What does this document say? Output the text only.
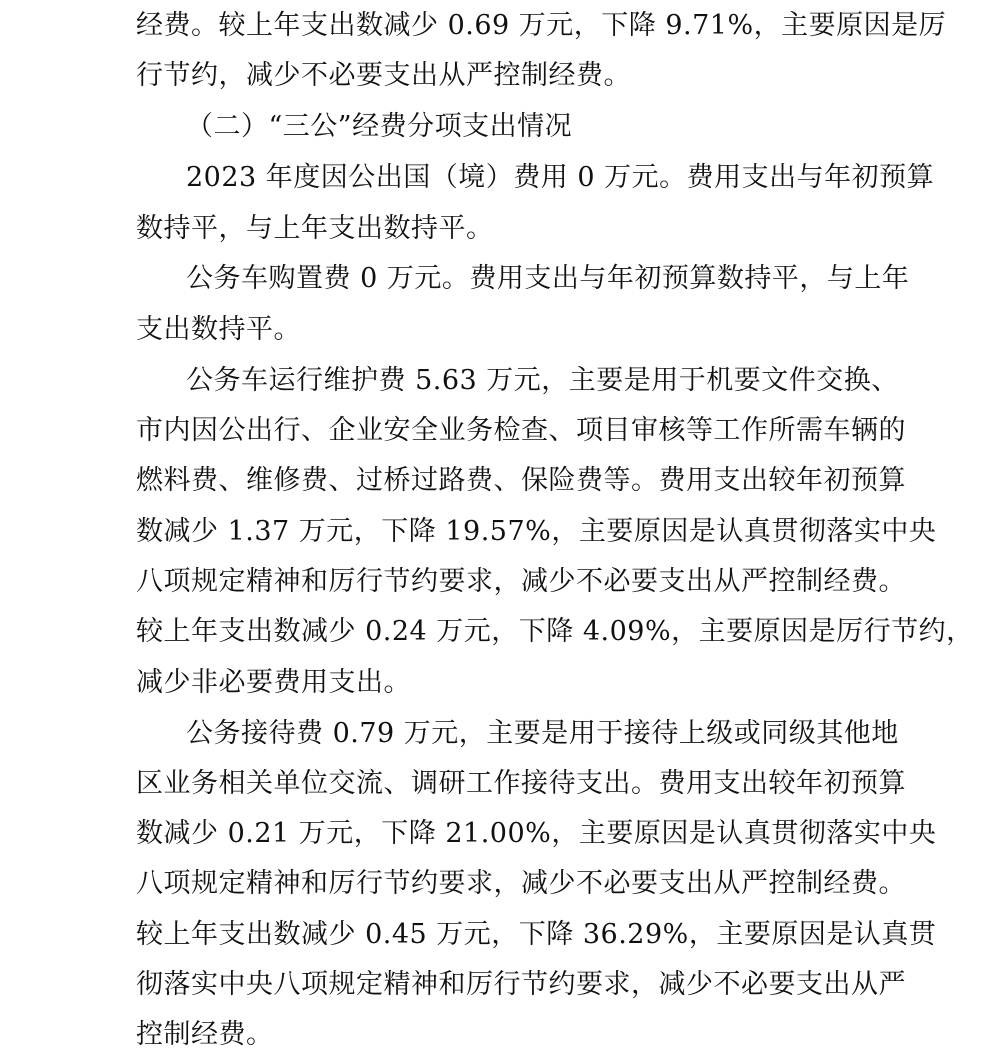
经费。较上年支出数减少 0.69 万元，下降 9.71%，主要原因是厉
行节约，减少不必要支出从严控制经费。
（二）“三公”经费分项支出情况
2023 年度因公出国（境）费用 0 万元。费用支出与年初预算
数持平，与上年支出数持平。
公务车购置费 0 万元。费用支出与年初预算数持平，与上年
支出数持平。
公务车运行维护费 5.63 万元，主要是用于机要文件交换、
市内因公出行、企业安全业务检查、项目审核等工作所需车辆的
燃料费、维修费、过桥过路费、保险费等。费用支出较年初预算
数减少 1.37 万元，下降 19.57%，主要原因是认真贯彻落实中央
八项规定精神和厉行节约要求，减少不必要支出从严控制经费。
较上年支出数减少 0.24 万元，下降 4.09%，主要原因是厉行节约，
减少非必要费用支出。
公务接待费 0.79 万元，主要是用于接待上级或同级其他地
区业务相关单位交流、调研工作接待支出。费用支出较年初预算
数减少 0.21 万元，下降 21.00%，主要原因是认真贯彻落实中央
八项规定精神和厉行节约要求，减少不必要支出从严控制经费。
较上年支出数减少 0.45 万元，下降 36.29%，主要原因是认真贯
彻落实中央八项规定精神和厉行节约要求，减少不必要支出从严
控制经费。
